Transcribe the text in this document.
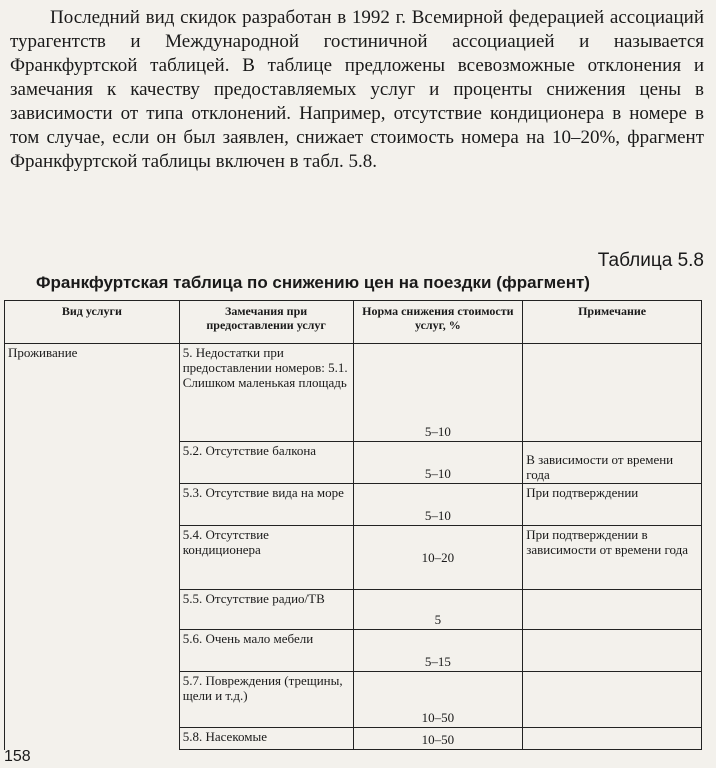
Последний вид скидок разработан в 1992 г. Всемирной федерацией ассоциаций турагентств и Международной гостиничной ассоциацией и называется Франкфуртской таблицей. В таблице предложены всевозможные отклонения и замечания к качеству предоставляемых услуг и проценты снижения цены в зависимости от типа отклонений. Например, отсутствие кондиционера в номере в том случае, если он был заявлен, снижает стоимость номера на 10–20%, фрагмент Франкфуртской таблицы включен в табл. 5.8.

Таблица 5.8
Франкфуртская таблица по снижению цен на поездки (фрагмент)
Вид услуги	Замечания при предоставлении услуг	Норма снижения стоимости услуг, %	Примечание
Проживание	5. Недостатки при предоставлении номеров: 5.1. Слишком маленькая площадь	5–10	
	5.2. Отсутствие балкона	5–10	В зависимости от времени года
	5.3. Отсутствие вида на море	5–10	При подтверждении
	5.4. Отсутствие кондиционера	10–20	При подтверждении в зависимости от времени года
	5.5. Отсутствие радио/ТВ	5	
	5.6. Очень мало мебели	5–15	
	5.7. Повреждения (трещины, щели и т.д.)	10–50	
	5.8. Насекомые	10–50	
158
